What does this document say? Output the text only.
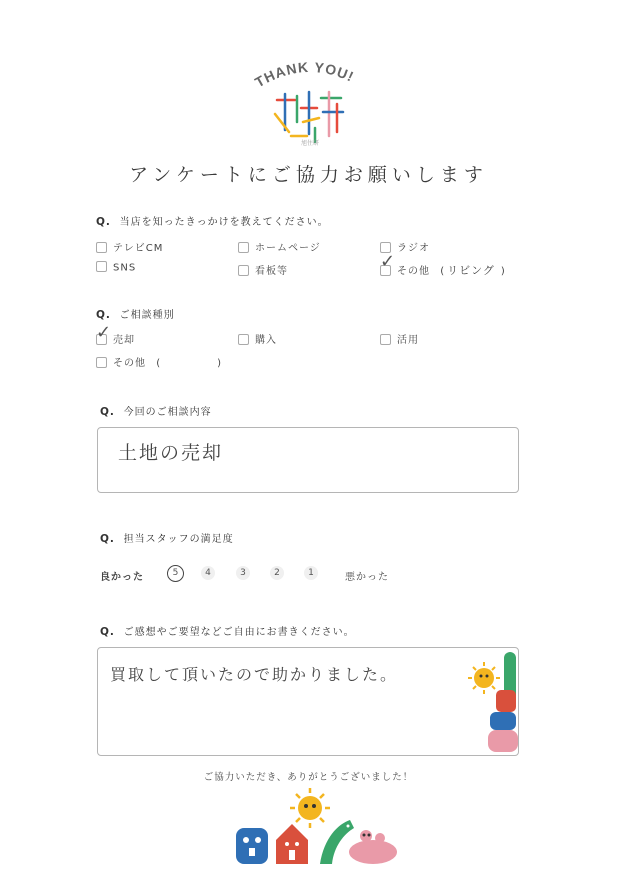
THANK YOU!
旭住研
アンケートにご協力お願いします
Q. 当店を知ったきっかけを教えてください。
テレビCM	ホームページ	ラジオ
SNS	看板等	その他 ( リビング )
✓
Q. ご相談種別
売却	購入	活用
その他 (	)
✓
Q. 今回のご相談内容
土地の売却
Q. 担当スタッフの満足度
良かった	5	4	3	2	1	悪かった
Q. ご感想やご要望などご自由にお書きください。
買取して頂いたので助かりました。
ご協力いただき、ありがとうございました！
